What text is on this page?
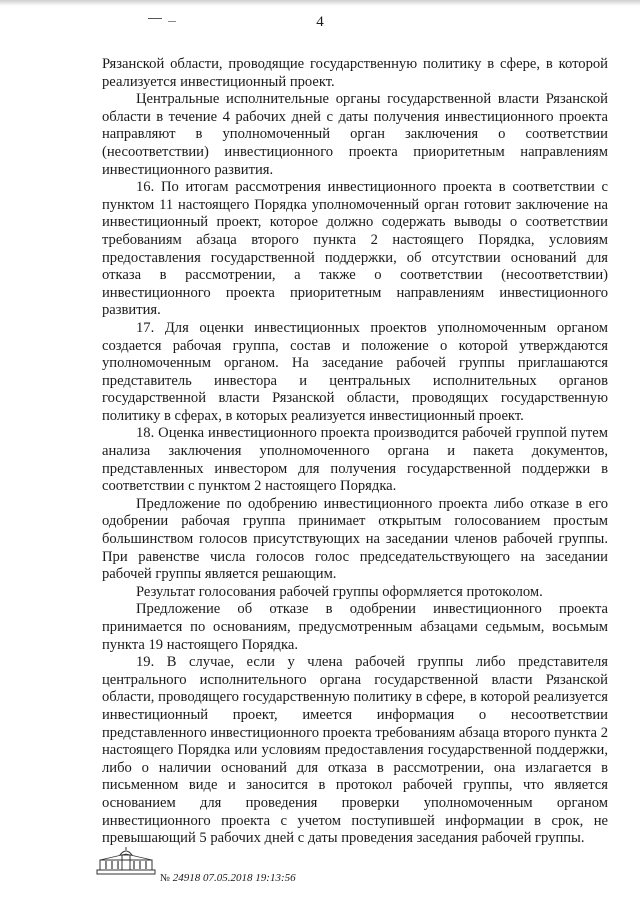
4

Рязанской области, проводящие государственную политику в сфере, в которой реализуется инвестиционный проект.

Центральные исполнительные органы государственной власти Рязанской области в течение 4 рабочих дней с даты получения инвестиционного проекта направляют в уполномоченный орган заключения о соответствии (несоответствии) инвестиционного проекта приоритетным направлениям инвестиционного развития.

16. По итогам рассмотрения инвестиционного проекта в соответствии с пунктом 11 настоящего Порядка уполномоченный орган готовит заключение на инвестиционный проект, которое должно содержать выводы о соответствии требованиям абзаца второго пункта 2 настоящего Порядка, условиям предоставления государственной поддержки, об отсутствии оснований для отказа в рассмотрении, а также о соответствии (несоответствии) инвестиционного проекта приоритетным направлениям инвестиционного развития.

17. Для оценки инвестиционных проектов уполномоченным органом создается рабочая группа, состав и положение о которой утверждаются уполномоченным органом. На заседание рабочей группы приглашаются представитель инвестора и центральных исполнительных органов государственной власти Рязанской области, проводящих государственную политику в сферах, в которых реализуется инвестиционный проект.

18. Оценка инвестиционного проекта производится рабочей группой путем анализа заключения уполномоченного органа и пакета документов, представленных инвестором для получения государственной поддержки в соответствии с пунктом 2 настоящего Порядка.

Предложение по одобрению инвестиционного проекта либо отказе в его одобрении рабочая группа принимает открытым голосованием простым большинством голосов присутствующих на заседании членов рабочей группы. При равенстве числа голосов голос председательствующего на заседании рабочей группы является решающим.

Результат голосования рабочей группы оформляется протоколом.

Предложение об отказе в одобрении инвестиционного проекта принимается по основаниям, предусмотренным абзацами седьмым, восьмым пункта 19 настоящего Порядка.

19. В случае, если у члена рабочей группы либо представителя центрального исполнительного органа государственной власти Рязанской области, проводящего государственную политику в сфере, в которой реализуется инвестиционный проект, имеется информация о несоответствии представленного инвестиционного проекта требованиям абзаца второго пункта 2 настоящего Порядка или условиям предоставления государственной поддержки, либо о наличии оснований для отказа в рассмотрении, она излагается в письменном виде и заносится в протокол рабочей группы, что является основанием для проведения проверки уполномоченным органом инвестиционного проекта с учетом поступившей информации в срок, не превышающий 5 рабочих дней с даты проведения заседания рабочей группы.

№ 24918 07.05.2018 19:13:56
